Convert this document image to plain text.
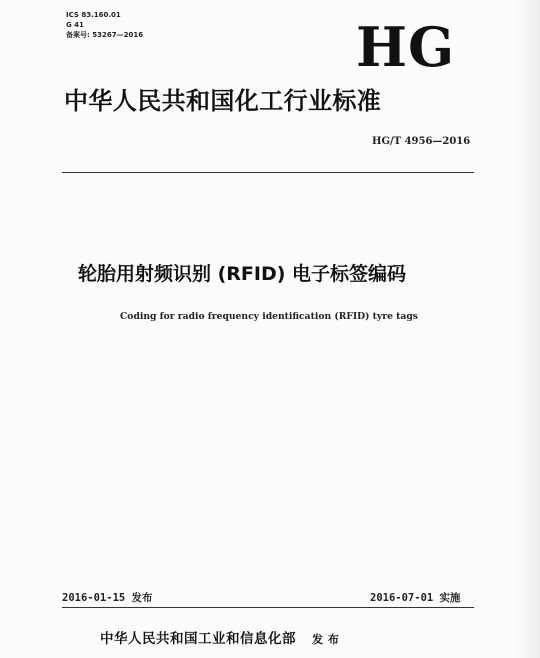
ICS 83.160.01
G 41
备案号: 53267—2016	HG
中华人民共和国化工行业标准
HG/T 4956—2016
轮胎用射频识别 (RFID) 电子标签编码
Coding for radio frequency identification (RFID) tyre tags
2016-01-15 发布	2016-07-01 实施
中华人民共和国工业和信息化部 发 布
